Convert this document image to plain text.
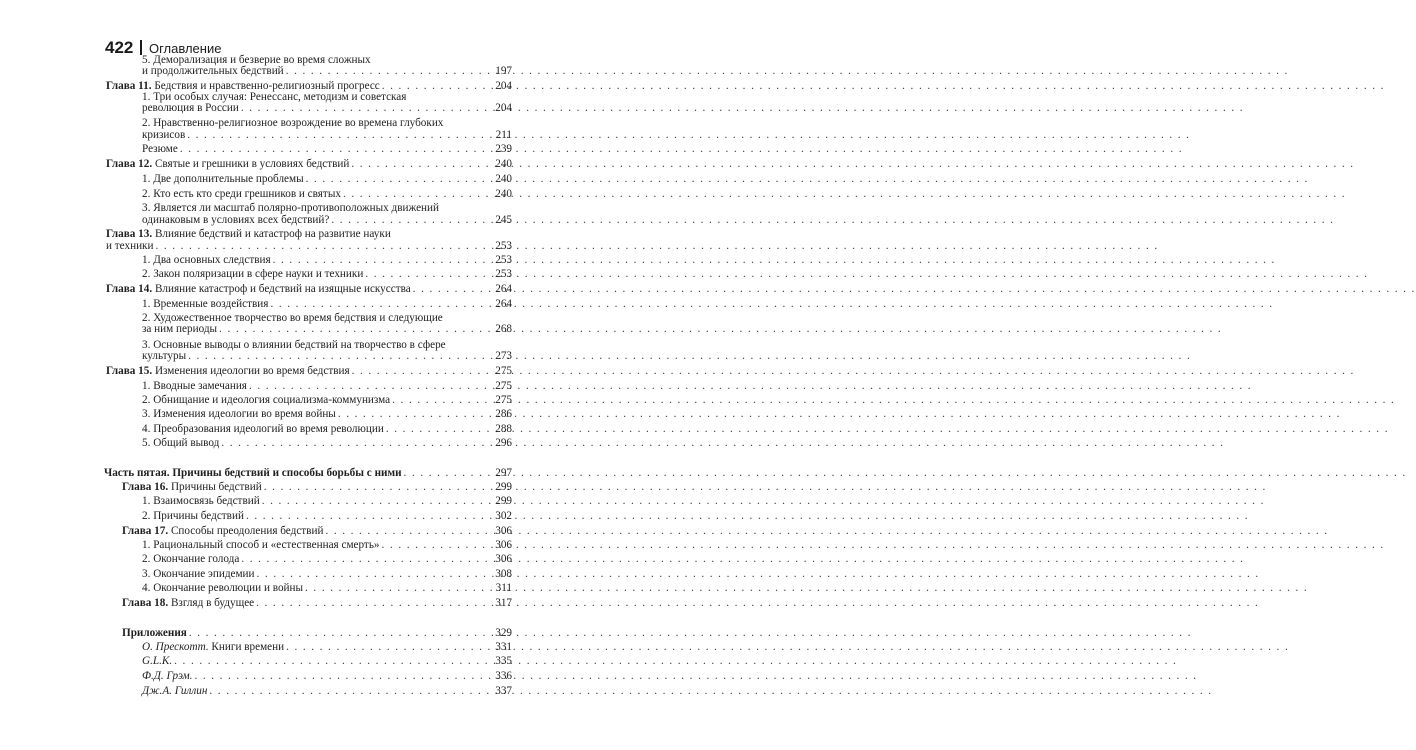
422 Оглавление
5. Деморализация и безверие во время сложных
и продолжительных бедствий . . .	197
Глава 11. Бедствия и нравственно-религиозный прогресс . . .	204
1. Три особых случая: Ренессанс, методизм и советская
революция в России . . .	204
2. Нравственно-религиозное возрождение во времена глубоких
кризисов . . .	211
Резюме . . .	239
Глава 12. Святые и грешники в условиях бедствий . . .	240
1. Две дополнительные проблемы . . .	240
2. Кто есть кто среди грешников и святых . . .	240
3. Является ли масштаб полярно-противоположных движений
одинаковым в условиях всех бедствий? . . .	245
Глава 13. Влияние бедствий и катастроф на развитие науки
и техники . . .	253
1. Два основных следствия . . .	253
2. Закон поляризации в сфере науки и техники . . .	253
Глава 14. Влияние катастроф и бедствий на изящные искусства . . .	264
1. Временные воздействия . . .	264
2. Художественное творчество во время бедствия и следующие
за ним периоды . . .	268
3. Основные выводы о влиянии бедствий на творчество в сфере
культуры . . .	273
Глава 15. Изменения идеологии во время бедствия . . .	275
1. Вводные замечания . . .	275
2. Обнищание и идеология социализма-коммунизма . . .	275
3. Изменения идеологии во время войны . . .	286
4. Преобразования идеологий во время революции . . .	288
5. Общий вывод . . .	296
Часть пятая. Причины бедствий и способы борьбы с ними . . .	297
Глава 16. Причины бедствий . . .	299
1. Взаимосвязь бедствий . . .	299
2. Причины бедствий . . .	302
Глава 17. Способы преодоления бедствий . . .	306
1. Рациональный способ и «естественная смерть» . . .	306
2. Окончание голода . . .	306
3. Окончание эпидемии . . .	308
4. Окончание революции и войны . . .	311
Глава 18. Взгляд в будущее . . .	317
Приложения . . .	329
О. Прескотт. Книги времени . . .	331
G.L.K. . . .	335
Ф.Д. Грэм. . . .	336
Дж.А. Гиллин . . .	337
